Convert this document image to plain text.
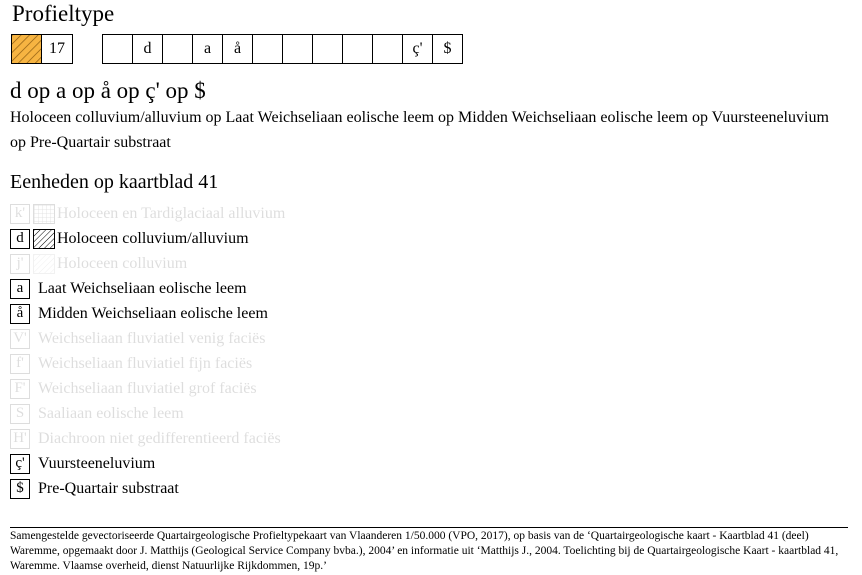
Profieltype
17	d	a	å	ç'	$
d op a op å op ç' op $
Holoceen colluvium/alluvium op Laat Weichseliaan eolische leem op Midden Weichseliaan eolische leem op Vuursteeneluvium op Pre-Quartair substraat
Eenheden op kaartblad 41
k'	Holoceen en Tardiglaciaal alluvium
d	Holoceen colluvium/alluvium
j'	Holoceen colluvium
a Laat Weichseliaan eolische leem
å Midden Weichseliaan eolische leem
V' Weichseliaan fluviatiel venig faciës
f' Weichseliaan fluviatiel fijn faciës
F' Weichseliaan fluviatiel grof faciës
S Saaliaan eolische leem
H' Diachroon niet gedifferentieerd faciës
ç' Vuursteeneluvium
$ Pre-Quartair substraat
Samengestelde gevectoriseerde Quartairgeologische Profieltypekaart van Vlaanderen 1/50.000 (VPO, 2017), op basis van de ‘Quartairgeologische kaart - Kaartblad 41 (deel) Waremme, opgemaakt door J. Matthijs (Geological Service Company bvba.), 2004’ en informatie uit ‘Matthijs J., 2004. Toelichting bij de Quartairgeologische Kaart - kaartblad 41, Waremme. Vlaamse overheid, dienst Natuurlijke Rijkdommen, 19p.’
